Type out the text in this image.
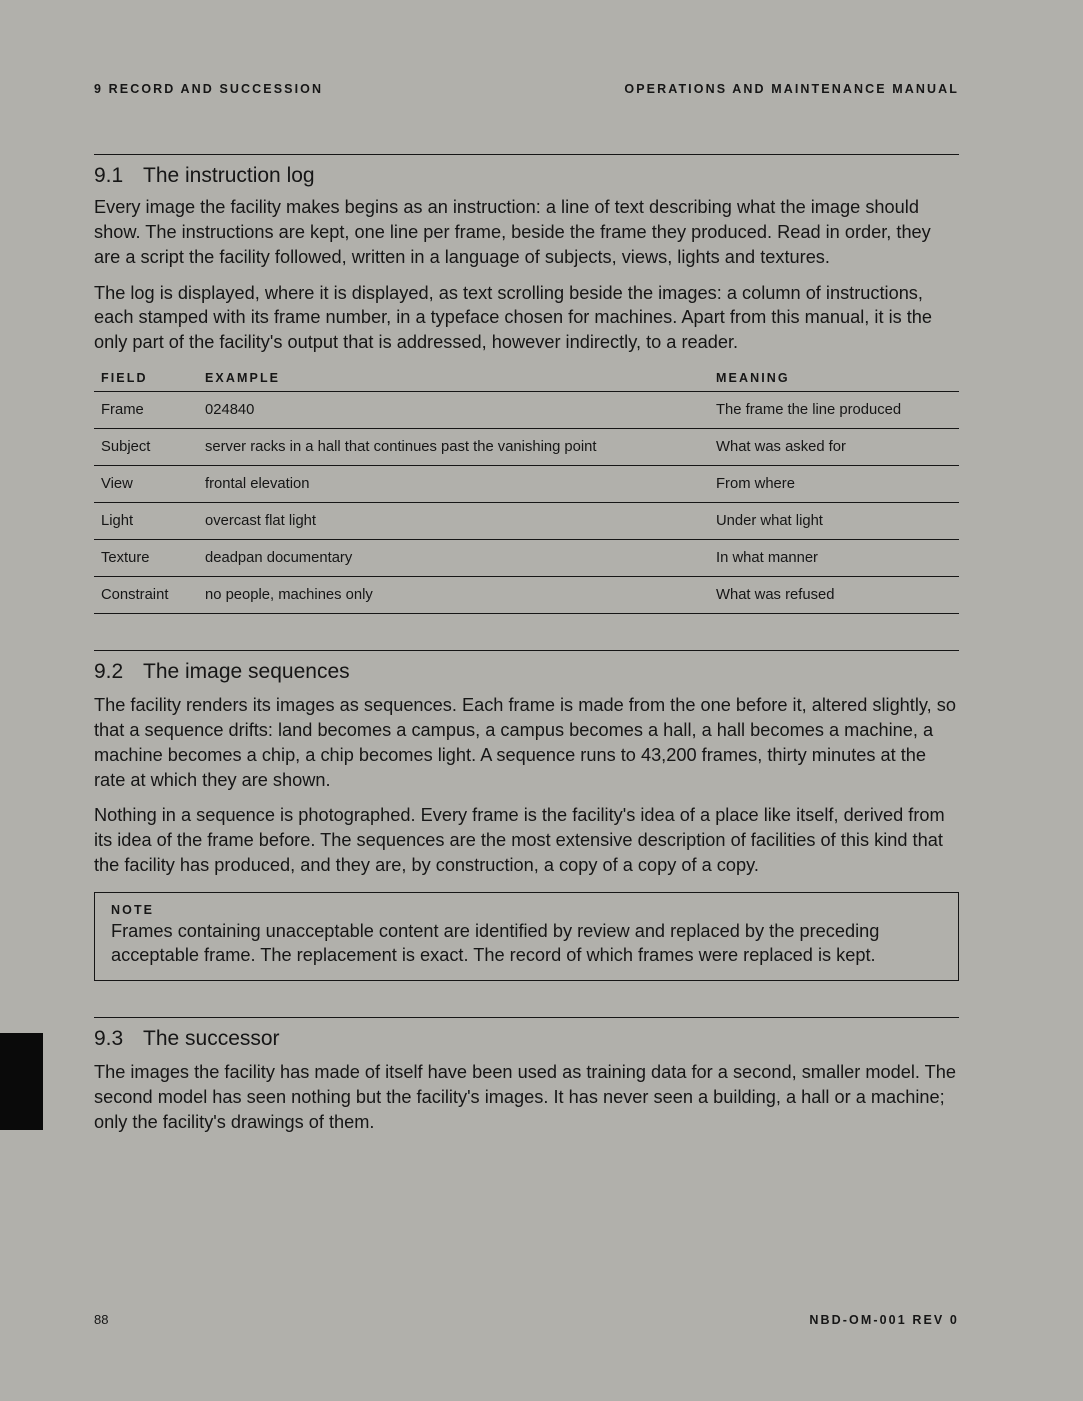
9 RECORD AND SUCCESSION	OPERATIONS AND MAINTENANCE MANUAL
9.1 The instruction log

Every image the facility makes begins as an instruction: a line of text describing what the image should show. The instructions are kept, one line per frame, beside the frame they produced. Read in order, they are a script the facility followed, written in a language of subjects, views, lights and textures.

The log is displayed, where it is displayed, as text scrolling beside the images: a column of instructions, each stamped with its frame number, in a typeface chosen for machines. Apart from this manual, it is the only part of the facility's output that is addressed, however indirectly, to a reader.

FIELD	EXAMPLE	MEANING
Frame	024840	The frame the line produced
Subject	server racks in a hall that continues past the vanishing point	What was asked for
View	frontal elevation	From where
Light	overcast flat light	Under what light
Texture	deadpan documentary	In what manner
Constraint	no people, machines only	What was refused
9.2 The image sequences

The facility renders its images as sequences. Each frame is made from the one before it, altered slightly, so that a sequence drifts: land becomes a campus, a campus becomes a hall, a hall becomes a machine, a machine becomes a chip, a chip becomes light. A sequence runs to 43,200 frames, thirty minutes at the rate at which they are shown.

Nothing in a sequence is photographed. Every frame is the facility's idea of a place like itself, derived from its idea of the frame before. The sequences are the most extensive description of facilities of this kind that the facility has produced, and they are, by construction, a copy of a copy of a copy.

NOTE

Frames containing unacceptable content are identified by review and replaced by the preceding acceptable frame. The replacement is exact. The record of which frames were replaced is kept.

9.3 The successor

The images the facility has made of itself have been used as training data for a second, smaller model. The second model has seen nothing but the facility's images. It has never seen a building, a hall or a machine; only the facility's drawings of them.

88	NBD-OM-001 REV 0
